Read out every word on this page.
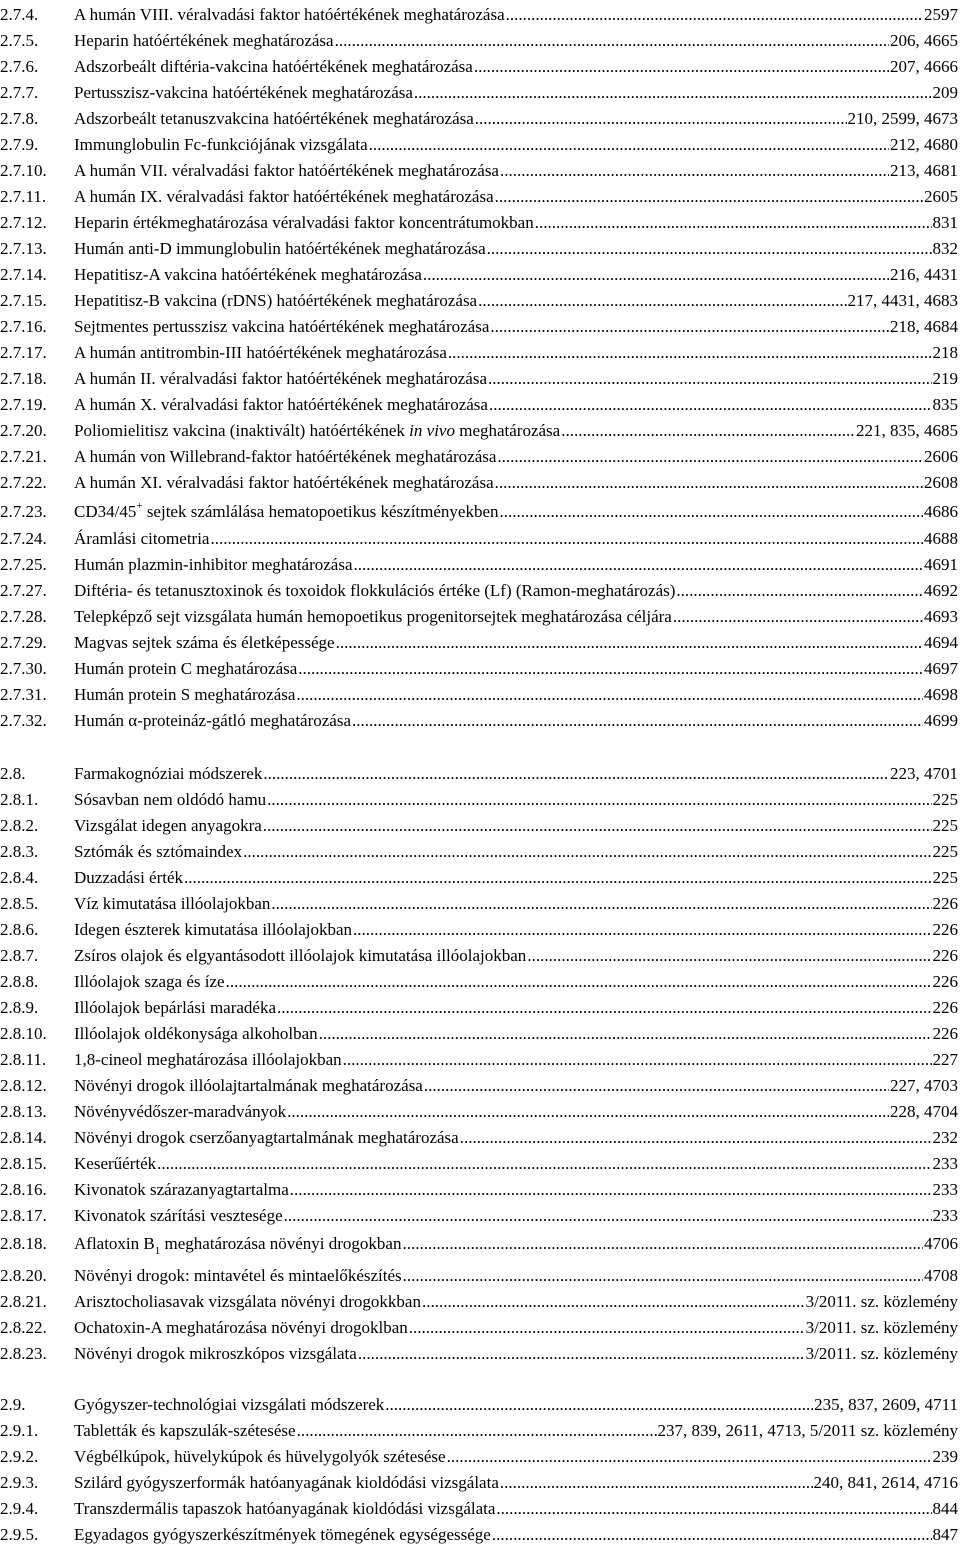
2.7.4.	A humán VIII. véralvadási faktor hatóértékének meghatározása .....	2597
2.7.5.	Heparin hatóértékének meghatározása .....	206, 4665
2.7.6.	Adszorbeált diftéria-vakcina hatóértékének meghatározása .....	207, 4666
2.7.7.	Pertusszisz-vakcina hatóértékének meghatározása .....	209
2.7.8.	Adszorbeált tetanuszvakcina hatóértékének meghatározása .....	210, 2599, 4673
2.7.9.	Immunglobulin Fc-funkciójának vizsgálata .....	212, 4680
2.7.10.	A humán VII. véralvadási faktor hatóértékének meghatározása .....	213, 4681
2.7.11.	A humán IX. véralvadási faktor hatóértékének meghatározása .....	2605
2.7.12.	Heparin értékmeghatározása véralvadási faktor koncentrátumokban .....	831
2.7.13.	Humán anti-D immunglobulin hatóértékének meghatározása .....	832
2.7.14.	Hepatitisz-A vakcina hatóértékének meghatározása .....	216, 4431
2.7.15.	Hepatitisz-B vakcina (rDNS) hatóértékének meghatározása .....	217, 4431, 4683
2.7.16.	Sejtmentes pertusszisz vakcina hatóértékének meghatározása .....	218, 4684
2.7.17.	A humán antitrombin-III hatóértékének meghatározása .....	218
2.7.18.	A humán II. véralvadási faktor hatóértékének meghatározása .....	219
2.7.19.	A humán X. véralvadási faktor hatóértékének meghatározása .....	835
2.7.20.	Poliomielitisz vakcina (inaktivált) hatóértékének in vivo meghatározása .....	221, 835, 4685
2.7.21.	A humán von Willebrand-faktor hatóértékének meghatározása .....	2606
2.7.22.	A humán XI. véralvadási faktor hatóértékének meghatározása .....	2608
2.7.23.	CD34/45+ sejtek számlálása hematopoetikus készítményekben .....	4686
2.7.24.	Áramlási citometria .....	4688
2.7.25.	Humán plazmin-inhibitor meghatározása .....	4691
2.7.27.	Diftéria- és tetanusztoxinok és toxoidok flokkulációs értéke (Lf) (Ramon-meghatározás) .....	4692
2.7.28.	Telepképző sejt vizsgálata humán hemopoetikus progenitorsejtek meghatározása céljára .....	4693
2.7.29.	Magvas sejtek száma és életképessége .....	4694
2.7.30.	Humán protein C meghatározása .....	4697
2.7.31.	Humán protein S meghatározása .....	4698
2.7.32.	Humán α-proteináz-gátló meghatározása .....	4699
2.8.	Farmakognóziai módszerek .....	223, 4701
2.8.1.	Sósavban nem oldódó hamu .....	225
2.8.2.	Vizsgálat idegen anyagokra .....	225
2.8.3.	Sztómák és sztómaindex .....	225
2.8.4.	Duzzadási érték .....	225
2.8.5.	Víz kimutatása illóolajokban .....	226
2.8.6.	Idegen észterek kimutatása illóolajokban .....	226
2.8.7.	Zsíros olajok és elgyantásodott illóolajok kimutatása illóolajokban .....	226
2.8.8.	Illóolajok szaga és íze .....	226
2.8.9.	Illóolajok bepárlási maradéka .....	226
2.8.10.	Illóolajok oldékonysága alkoholban .....	226
2.8.11.	1,8-cineol meghatározása illóolajokban .....	227
2.8.12.	Növényi drogok illóolajtartalmának meghatározása .....	227, 4703
2.8.13.	Növényvédőszer-maradványok .....	228, 4704
2.8.14.	Növényi drogok cserzőanyagtartalmának meghatározása .....	232
2.8.15.	Keserűérték .....	233
2.8.16.	Kivonatok szárazanyagtartalma .....	233
2.8.17.	Kivonatok szárítási vesztesége .....	233
2.8.18.	Aflatoxin $B_1$ meghatározása növényi drogokban .....	4706
2.8.20.	Növényi drogok: mintavétel és mintaelőkészítés .....	4708
2.8.21.	Arisztocholiasavak vizsgálata növényi drogokkban .....	3/2011. sz. közlemény
2.8.22.	Ochatoxin-A meghatározása növényi drogoklban .....	3/2011. sz. közlemény
2.8.23.	Növényi drogok mikroszkópos vizsgálata .....	3/2011. sz. közlemény
2.9.	Gyógyszer-technológiai vizsgálati módszerek .....	235, 837, 2609, 4711
2.9.1.	Tabletták és kapszulák-szétesése .....	237, 839, 2611, 4713, 5/2011 sz. közlemény
2.9.2.	Végbélkúpok, hüvelykúpok és hüvelygolyók szétesése .....	239
2.9.3.	Szilárd gyógyszerformák hatóanyagának kioldódási vizsgálata .....	240, 841, 2614, 4716
2.9.4.	Transzdermális tapaszok hatóanyagának kioldódási vizsgálata .....	844
2.9.5.	Egyadagos gyógyszerkészítmények tömegének egységessége .....	847
